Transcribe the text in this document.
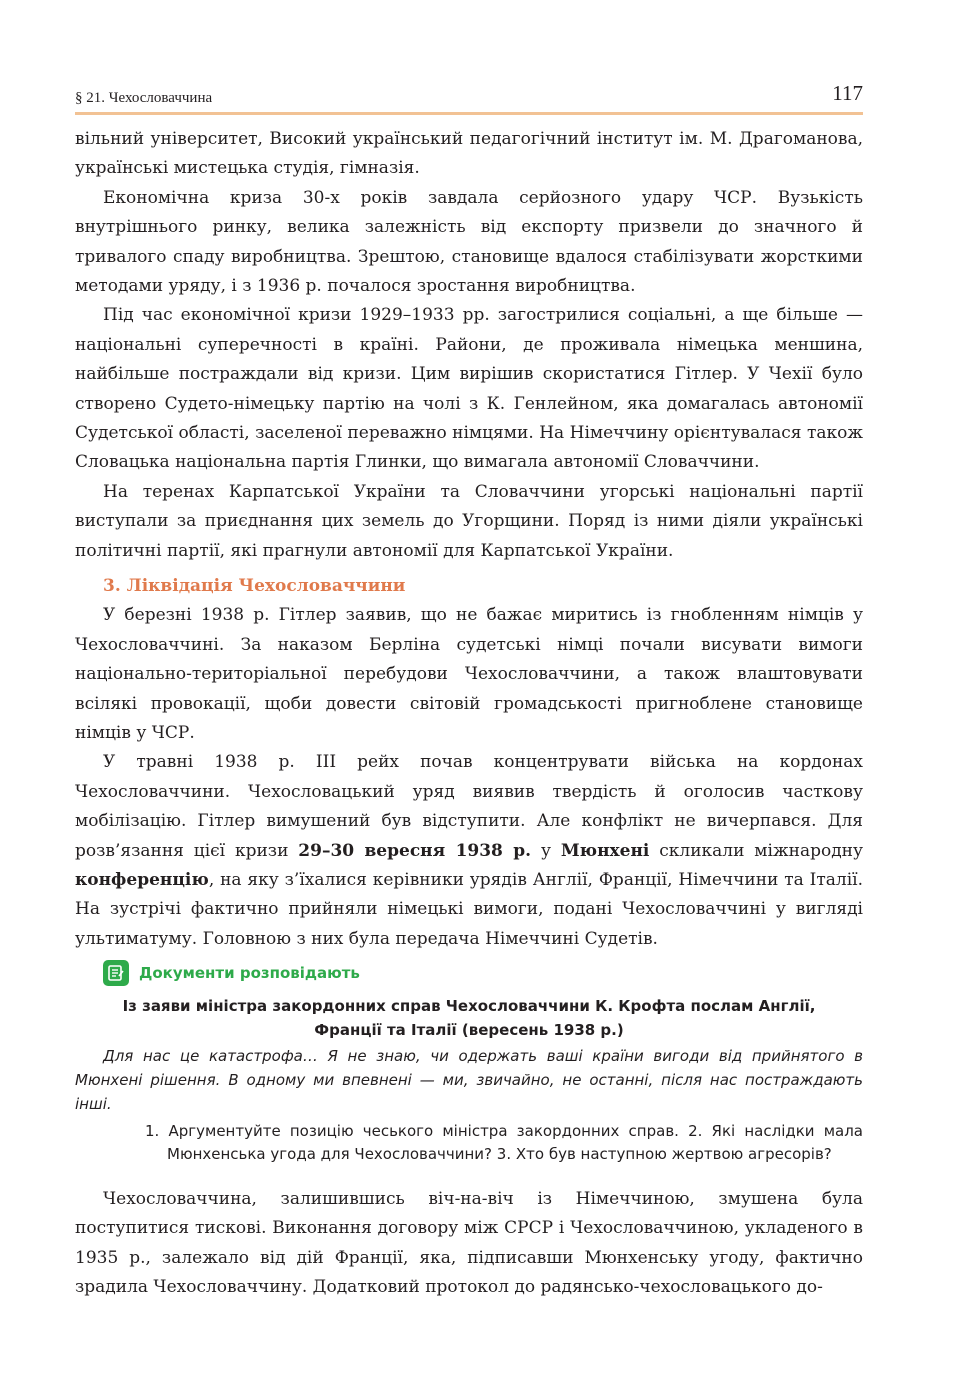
§ 21. Чехословаччина	117

вільний університет, Високий український педагогічний інститут ім. М. Драгоманова, українські мистецька студія, гімназія.

Економічна криза 30-х років завдала серйозного удару ЧСР. Вузькість внутрішнього ринку, велика залежність від експорту призвели до значного й тривалого спаду виробництва. Зрештою, становище вдалося стабілізувати жорсткими методами уряду, і з 1936 р. почалося зростання виробництва.

Під час економічної кризи 1929–1933 рр. загострилися соціальні, а ще більше — національні суперечності в країні. Райони, де проживала німецька меншина, найбільше постраждали від кризи. Цим вирішив скористатися Гітлер. У Чехії було створено Судето-німецьку партію на чолі з К. Генлейном, яка домагалась автономії Судетської області, заселеної переважно німцями. На Німеччину орієнтувалася також Словацька національна партія Глинки, що вимагала автономії Словаччини.

На теренах Карпатської України та Словаччини угорські національні партії виступали за приєднання цих земель до Угорщини. Поряд із ними діяли українські політичні партії, які прагнули автономії для Карпатської України.

3. Ліквідація Чехословаччини

У березні 1938 р. Гітлер заявив, що не бажає миритись із гнобленням німців у Чехословаччині. За наказом Берліна судетські німці почали висувати вимоги національно-територіальної перебудови Чехословаччини, а також влаштовувати всілякі провокації, щоби довести світовій громадськості пригноблене становище німців у ЧСР.

У травні 1938 р. III рейх почав концентрувати війська на кордонах Чехословаччини. Чехословацький уряд виявив твердість й оголосив часткову мобілізацію. Гітлер вимушений був відступити. Але конфлікт не вичерпався. Для розв’язання цієї кризи 29–30 вересня 1938 р. у Мюнхені скликали міжнародну конференцію, на яку з’їхалися керівники урядів Англії, Франції, Німеччини та Італії. На зустрічі фактично прийняли німецькі вимоги, подані Чехословаччині у вигляді ультиматуму. Головною з них була передача Німеччині Судетів.

Документи розповідають
Із заяви міністра закордонних справ Чехословаччини К. Крофта послам Англії,
Франції та Італії (вересень 1938 р.)

Для нас це катастрофа… Я не знаю, чи одержать ваші країни вигоди від прийнятого в Мюнхені рішення. В одному ми впевнені — ми, звичайно, не останні, після нас постраждають інші.

1. Аргументуйте позицію чеського міністра закордонних справ. 2. Які наслідки мала Мюнхенська угода для Чехословаччини? 3. Хто був наступною жертвою агресорів?

Чехословаччина, залишившись віч-на-віч із Німеччиною, змушена була поступитися тискові. Виконання договору між СРСР і Чехословаччиною, укладеного в 1935 р., залежало від дій Франції, яка, підписавши Мюнхенську угоду, фактично зрадила Чехословаччину. Додатковий протокол до радянсько-чехословацького до-
